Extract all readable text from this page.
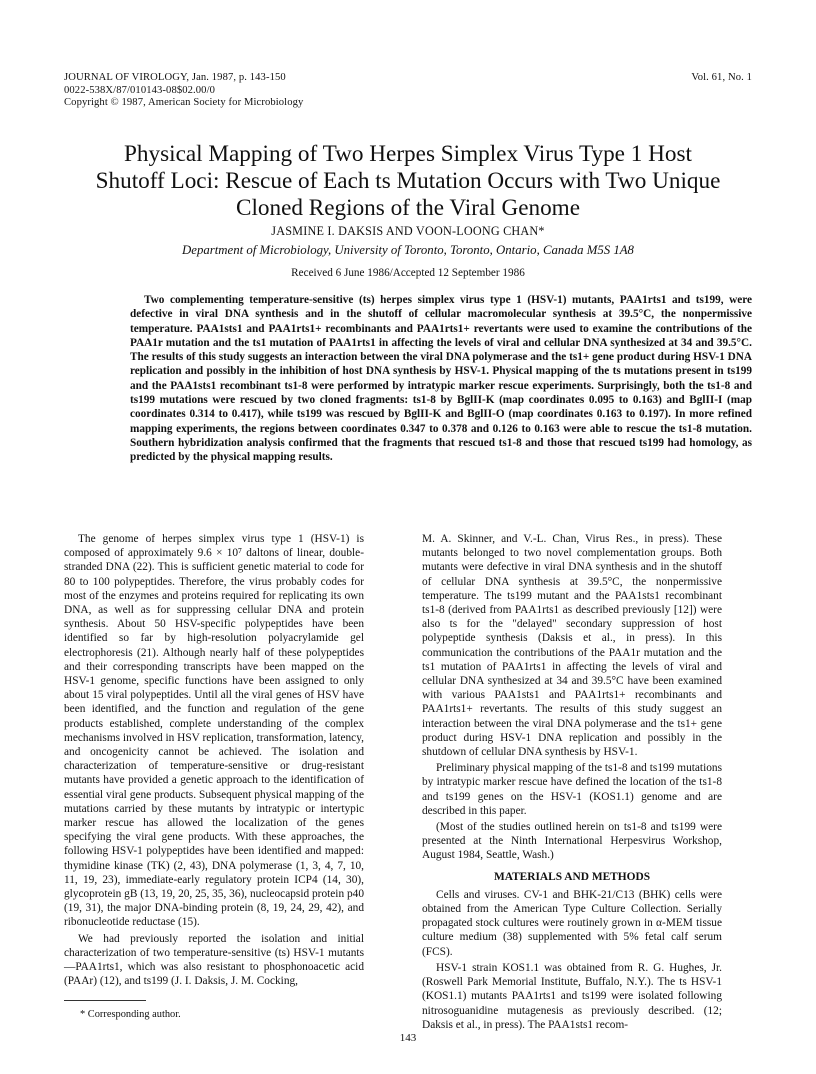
JOURNAL OF VIROLOGY, Jan. 1987, p. 143-150
0022-538X/87/010143-08$02.00/0
Copyright © 1987, American Society for Microbiology
Vol. 61, No. 1
Physical Mapping of Two Herpes Simplex Virus Type 1 Host
Shutoff Loci: Rescue of Each ts Mutation Occurs with Two Unique
Cloned Regions of the Viral Genome
JASMINE I. DAKSIS AND VOON-LOONG CHAN*
Department of Microbiology, University of Toronto, Toronto, Ontario, Canada M5S 1A8
Received 6 June 1986/Accepted 12 September 1986

Two complementing temperature-sensitive (ts) herpes simplex virus type 1 (HSV-1) mutants, PAA1rts1 and ts199, were defective in viral DNA synthesis and in the shutoff of cellular macromolecular synthesis at 39.5°C, the nonpermissive temperature. PAA1sts1 and PAA1rts1+ recombinants and PAA1rts1+ revertants were used to examine the contributions of the PAA1r mutation and the ts1 mutation of PAA1rts1 in affecting the levels of viral and cellular DNA synthesized at 34 and 39.5°C. The results of this study suggests an interaction between the viral DNA polymerase and the ts1+ gene product during HSV-1 DNA replication and possibly in the inhibition of host DNA synthesis by HSV-1. Physical mapping of the ts mutations present in ts199 and the PAA1sts1 recombinant ts1-8 were performed by intratypic marker rescue experiments. Surprisingly, both the ts1-8 and ts199 mutations were rescued by two cloned fragments: ts1-8 by BglII-K (map coordinates 0.095 to 0.163) and BglII-I (map coordinates 0.314 to 0.417), while ts199 was rescued by BglII-K and BglII-O (map coordinates 0.163 to 0.197). In more refined mapping experiments, the regions between coordinates 0.347 to 0.378 and 0.126 to 0.163 were able to rescue the ts1-8 mutation. Southern hybridization analysis confirmed that the fragments that rescued ts1-8 and those that rescued ts199 had homology, as predicted by the physical mapping results.

The genome of herpes simplex virus type 1 (HSV-1) is composed of approximately 9.6 × 10⁷ daltons of linear, double-stranded DNA (22). This is sufficient genetic material to code for 80 to 100 polypeptides. Therefore, the virus probably codes for most of the enzymes and proteins required for replicating its own DNA, as well as for suppressing cellular DNA and protein synthesis. About 50 HSV-specific polypeptides have been identified so far by high-resolution polyacrylamide gel electrophoresis (21). Although nearly half of these polypeptides and their corresponding transcripts have been mapped on the HSV-1 genome, specific functions have been assigned to only about 15 viral polypeptides. Until all the viral genes of HSV have been identified, and the function and regulation of the gene products established, complete understanding of the complex mechanisms involved in HSV replication, transformation, latency, and oncogenicity cannot be achieved. The isolation and characterization of temperature-sensitive or drug-resistant mutants have provided a genetic approach to the identification of essential viral gene products. Subsequent physical mapping of the mutations carried by these mutants by intratypic or intertypic marker rescue has allowed the localization of the genes specifying the viral gene products. With these approaches, the following HSV-1 polypeptides have been identified and mapped: thymidine kinase (TK) (2, 43), DNA polymerase (1, 3, 4, 7, 10, 11, 19, 23), immediate-early regulatory protein ICP4 (14, 30), glycoprotein gB (13, 19, 20, 25, 35, 36), nucleocapsid protein p40 (19, 31), the major DNA-binding protein (8, 19, 24, 29, 42), and ribonucleotide reductase (15).

We had previously reported the isolation and initial characterization of two temperature-sensitive (ts) HSV-1 mutants—PAA1rts1, which was also resistant to phosphonoacetic acid (PAAr) (12), and ts199 (J. I. Daksis, J. M. Cocking,

M. A. Skinner, and V.-L. Chan, Virus Res., in press). These mutants belonged to two novel complementation groups. Both mutants were defective in viral DNA synthesis and in the shutoff of cellular DNA synthesis at 39.5°C, the nonpermissive temperature. The ts199 mutant and the PAA1sts1 recombinant ts1-8 (derived from PAA1rts1 as described previously [12]) were also ts for the "delayed" secondary suppression of host polypeptide synthesis (Daksis et al., in press). In this communication the contributions of the PAA1r mutation and the ts1 mutation of PAA1rts1 in affecting the levels of viral and cellular DNA synthesized at 34 and 39.5°C have been examined with various PAA1sts1 and PAA1rts1+ recombinants and PAA1rts1+ revertants. The results of this study suggest an interaction between the viral DNA polymerase and the ts1+ gene product during HSV-1 DNA replication and possibly in the shutdown of cellular DNA synthesis by HSV-1.

Preliminary physical mapping of the ts1-8 and ts199 mutations by intratypic marker rescue have defined the location of the ts1-8 and ts199 genes on the HSV-1 (KOS1.1) genome and are described in this paper.

(Most of the studies outlined herein on ts1-8 and ts199 were presented at the Ninth International Herpesvirus Workshop, August 1984, Seattle, Wash.)

MATERIALS AND METHODS

Cells and viruses. CV-1 and BHK-21/C13 (BHK) cells were obtained from the American Type Culture Collection. Serially propagated stock cultures were routinely grown in α-MEM tissue culture medium (38) supplemented with 5% fetal calf serum (FCS).

HSV-1 strain KOS1.1 was obtained from R. G. Hughes, Jr. (Roswell Park Memorial Institute, Buffalo, N.Y.). The ts HSV-1 (KOS1.1) mutants PAA1rts1 and ts199 were isolated following nitrosoguanidine mutagenesis as previously described. (12; Daksis et al., in press). The PAA1sts1 recom-

* Corresponding author.
143
